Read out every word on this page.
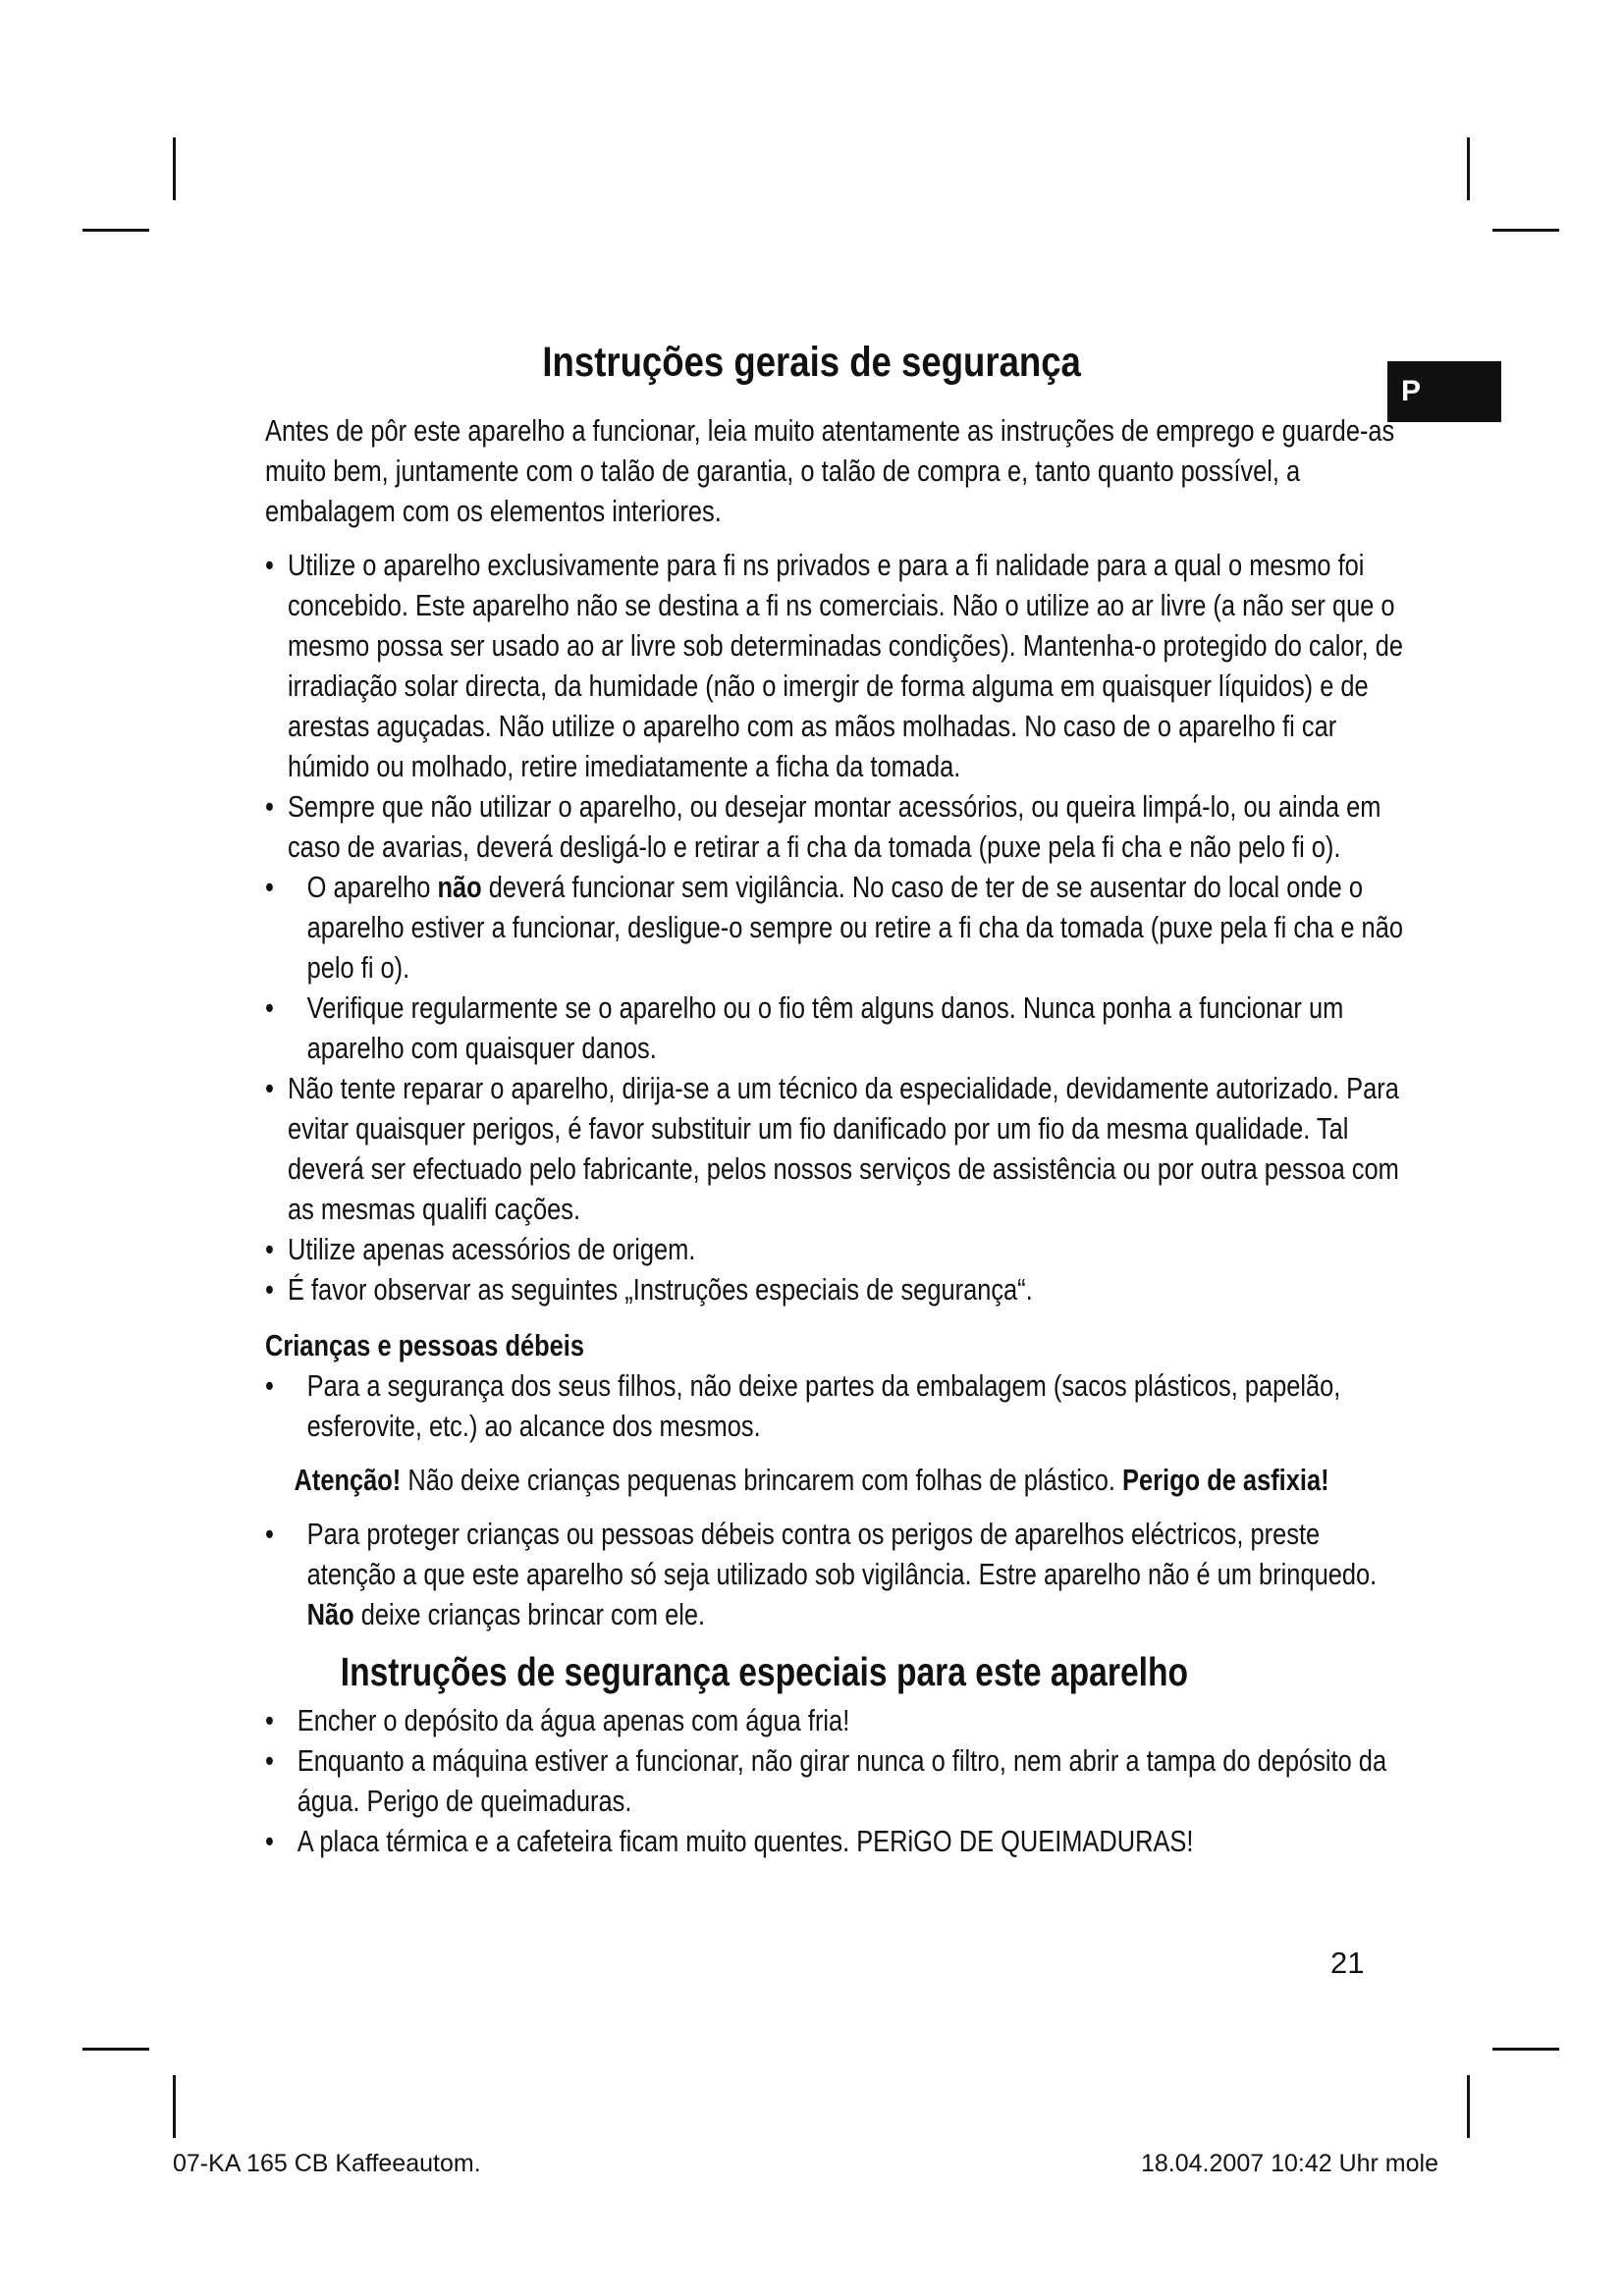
P
Instruções gerais de segurança

Antes de pôr este aparelho a funcionar, leia muito atentamente as instruções de emprego e guarde-as muito bem, juntamente com o talão de garantia, o talão de compra e, tanto quanto possível, a embalagem com os elementos interiores.

• Utilize o aparelho exclusivamente para fi ns privados e para a fi nalidade para a qual o mesmo foi concebido. Este aparelho não se destina a fi ns comerciais. Não o utilize ao ar livre (a não ser que o mesmo possa ser usado ao ar livre sob determinadas condições). Mantenha-o protegido do calor, de irradiação solar directa, da humidade (não o imergir de forma alguma em quaisquer líquidos) e de arestas aguçadas. Não utilize o aparelho com as mãos molhadas. No caso de o aparelho fi car húmido ou molhado, retire imediatamente a ficha da tomada.
• Sempre que não utilizar o aparelho, ou desejar montar acessórios, ou queira limpá-lo, ou ainda em caso de avarias, deverá desligá-lo e retirar a fi cha da tomada (puxe pela fi cha e não pelo fi o).
• O aparelho não deverá funcionar sem vigilância. No caso de ter de se ausentar do local onde o aparelho estiver a funcionar, desligue-o sempre ou retire a fi cha da tomada (puxe pela fi cha e não pelo fi o).
• Verifique regularmente se o aparelho ou o fio têm alguns danos. Nunca ponha a funcionar um aparelho com quaisquer danos.
• Não tente reparar o aparelho, dirija-se a um técnico da especialidade, devidamente autorizado. Para evitar quaisquer perigos, é favor substituir um fio danificado por um fio da mesma qualidade. Tal deverá ser efectuado pelo fabricante, pelos nossos serviços de assistência ou por outra pessoa com as mesmas qualifi cações.
• Utilize apenas acessórios de origem.
• É favor observar as seguintes „Instruções especiais de segurança“.
Crianças e pessoas débeis
• Para a segurança dos seus filhos, não deixe partes da embalagem (sacos plásticos, papelão, esferovite, etc.) ao alcance dos mesmos.

Atenção! Não deixe crianças pequenas brincarem com folhas de plástico. Perigo de asfixia!

• Para proteger crianças ou pessoas débeis contra os perigos de aparelhos eléctricos, preste atenção a que este aparelho só seja utilizado sob vigilância. Estre aparelho não é um brinquedo. Não deixe crianças brincar com ele.
Instruções de segurança especiais para este aparelho
• Encher o depósito da água apenas com água fria!
• Enquanto a máquina estiver a funcionar, não girar nunca o filtro, nem abrir a tampa do depósito da água. Perigo de queimaduras.
• A placa térmica e a cafeteira ficam muito quentes. PERiGO DE QUEIMADURAS!
21
07-KA 165 CB Kaffeeautom.	18.04.2007 10:42 Uhr mole
